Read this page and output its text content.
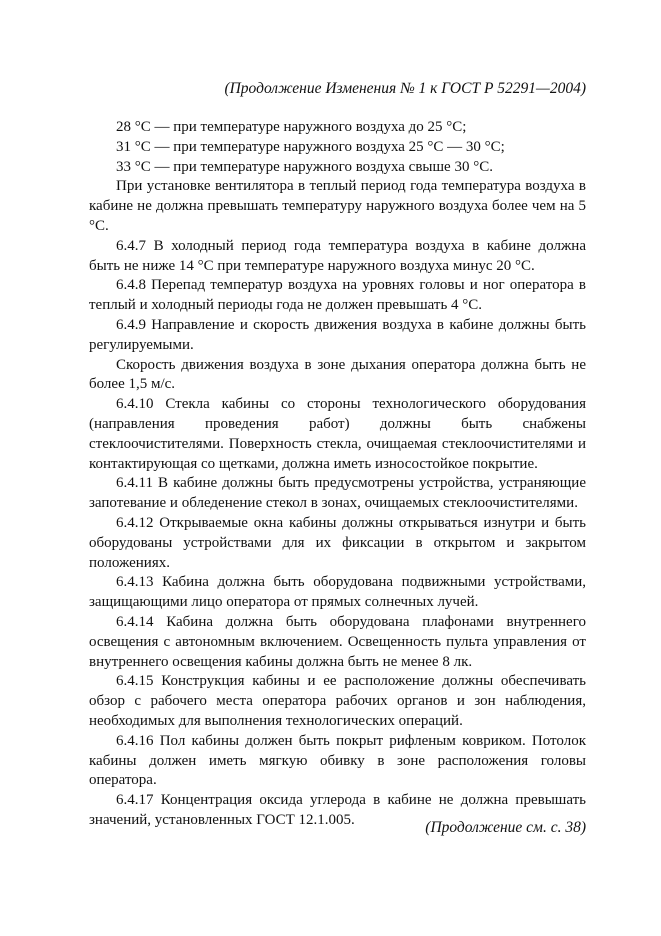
(Продолжение Изменения № 1 к ГОСТ Р 52291—2004)

28 °С — при температуре наружного воздуха до 25 °С;

31 °С — при температуре наружного воздуха 25 °С — 30 °С;

33 °С — при температуре наружного воздуха свыше 30 °С.

При установке вентилятора в теплый период года температура воздуха в кабине не должна превышать температуру наружного воздуха более чем на 5 °С.

6.4.7 В холодный период года температура воздуха в кабине должна быть не ниже 14 °С при температуре наружного воздуха минус 20 °С.

6.4.8 Перепад температур воздуха на уровнях головы и ног оператора в теплый и холодный периоды года не должен превышать 4 °С.

6.4.9 Направление и скорость движения воздуха в кабине должны быть регулируемыми.

Скорость движения воздуха в зоне дыхания оператора должна быть не более 1,5 м/с.

6.4.10 Стекла кабины со стороны технологического оборудования (направления проведения работ) должны быть снабжены стеклоочистителями. Поверхность стекла, очищаемая стеклоочистителями и контактирующая со щетками, должна иметь износостойкое покрытие.

6.4.11 В кабине должны быть предусмотрены устройства, устраняющие запотевание и обледенение стекол в зонах, очищаемых стеклоочистителями.

6.4.12 Открываемые окна кабины должны открываться изнутри и быть оборудованы устройствами для их фиксации в открытом и закрытом положениях.

6.4.13 Кабина должна быть оборудована подвижными устройствами, защищающими лицо оператора от прямых солнечных лучей.

6.4.14 Кабина должна быть оборудована плафонами внутреннего освещения с автономным включением. Освещенность пульта управления от внутреннего освещения кабины должна быть не менее 8 лк.

6.4.15 Конструкция кабины и ее расположение должны обеспечивать обзор с рабочего места оператора рабочих органов и зон наблюдения, необходимых для выполнения технологических операций.

6.4.16 Пол кабины должен быть покрыт рифленым ковриком. Потолок кабины должен иметь мягкую обивку в зоне расположения головы оператора.

6.4.17 Концентрация оксида углерода в кабине не должна превышать значений, установленных ГОСТ 12.1.005.	(Продолжение см. с. 38)
